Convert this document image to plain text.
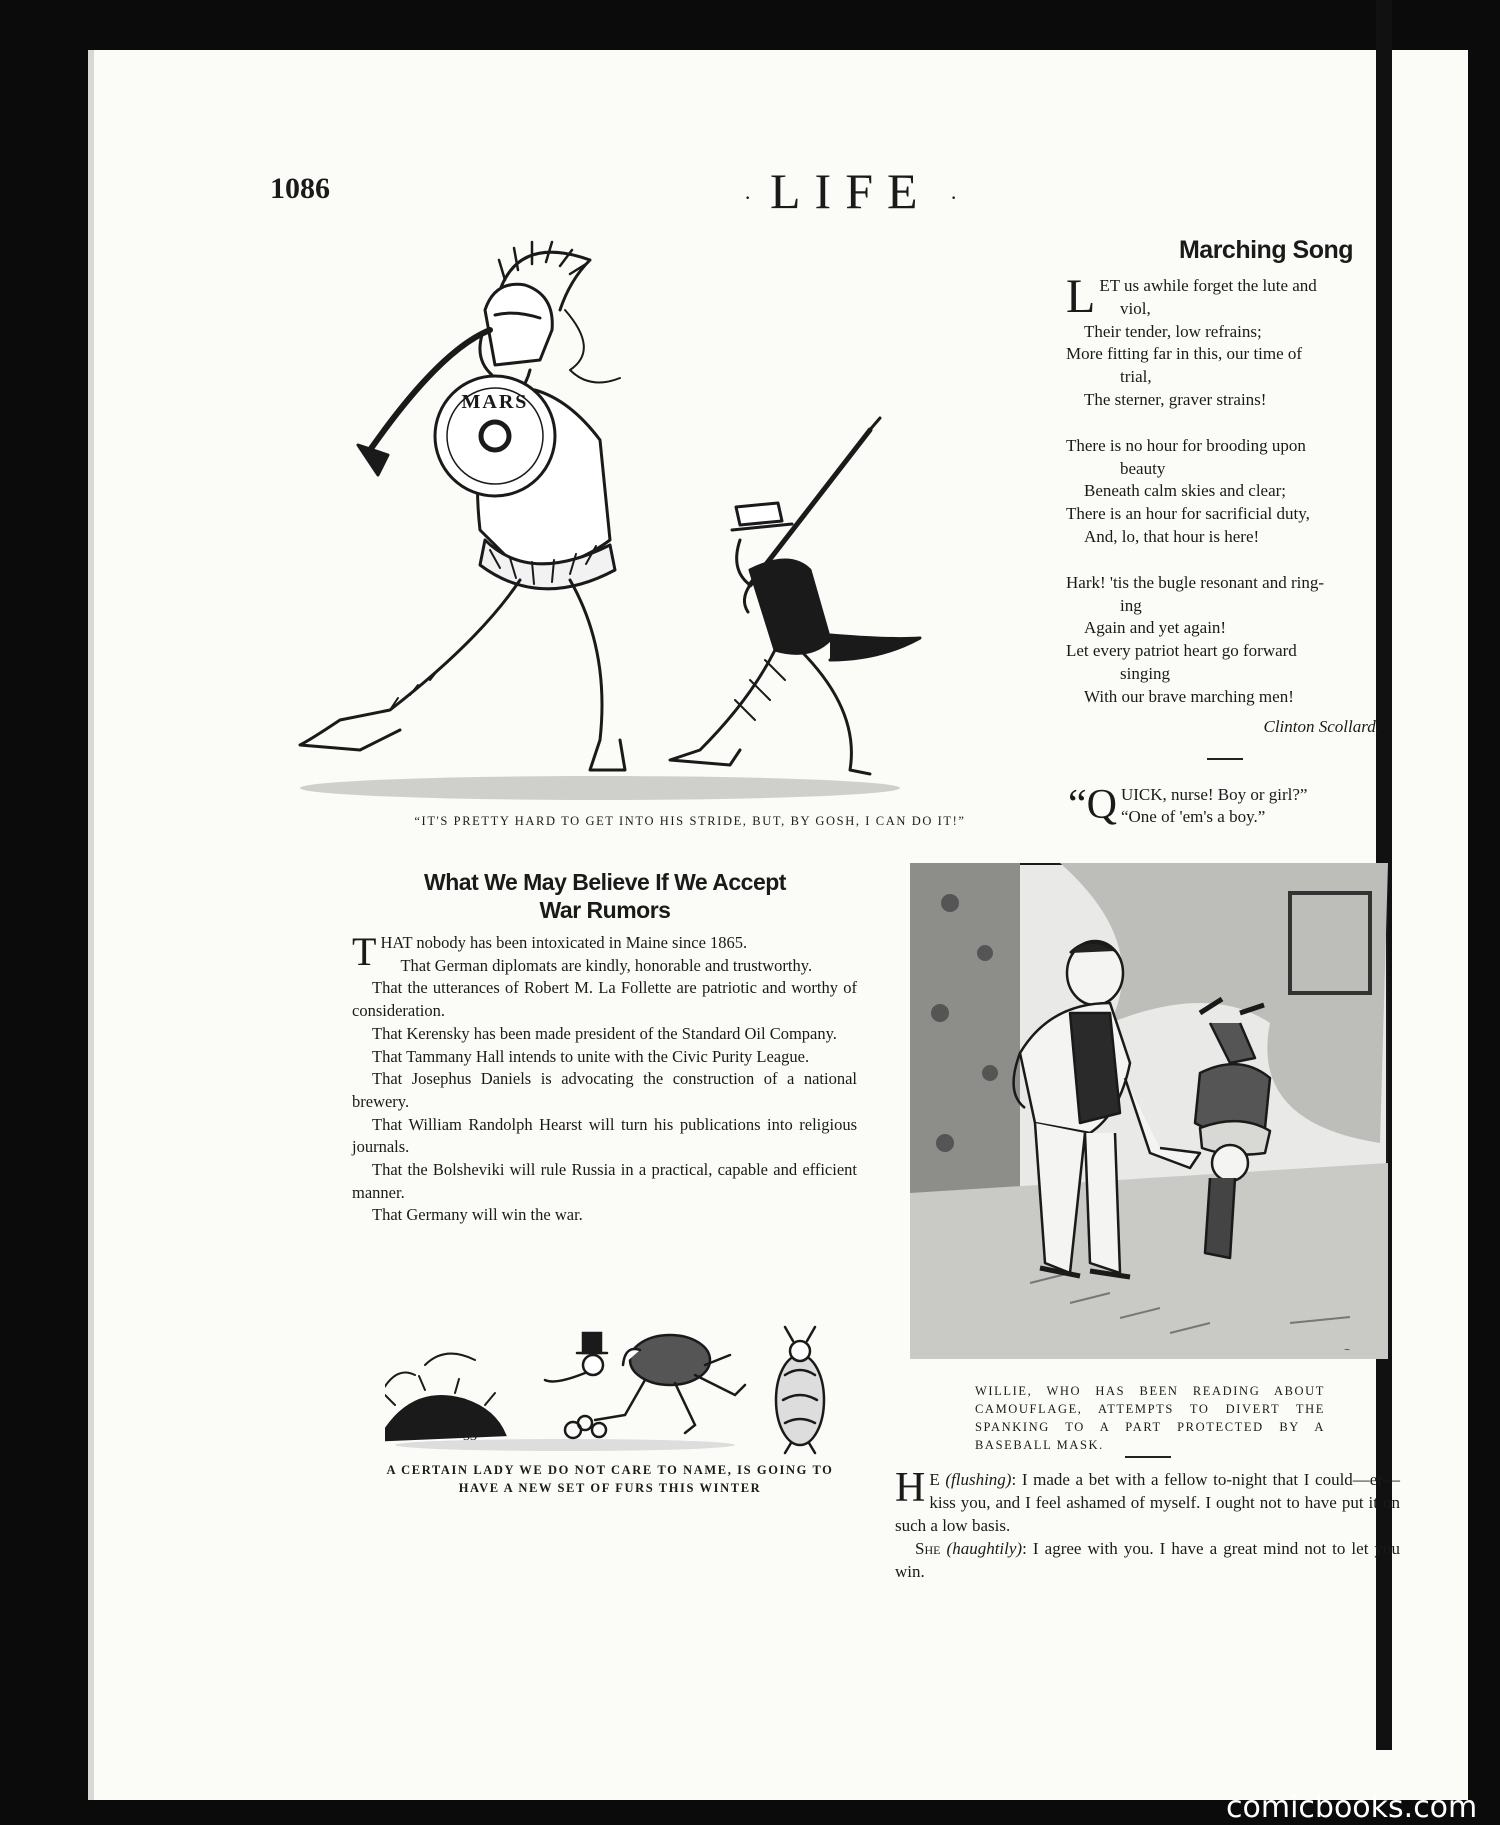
1086	· LIFE ·
MARS
“IT'S PRETTY HARD TO GET INTO HIS STRIDE, BUT, BY GOSH, I CAN DO IT!”
Marching Song
L ET us awhile forget the lute and
viol,
Their tender, low refrains;
More fitting far in this, our time of
trial,
The sterner, graver strains!
There is no hour for brooding upon
beauty
Beneath calm skies and clear;
There is an hour for sacrificial duty,
And, lo, that hour is here!
Hark! 'tis the bugle resonant and ring-
ing
Again and yet again!
Let every patriot heart go forward
singing
With our brave marching men!
Clinton Scollard.
“Q UICK, nurse! Boy or girl?”
“One of 'em's a boy.”
What We May Believe If We Accept
War Rumors

THAT nobody has been intoxicated in Maine since 1865.

That German diplomats are kindly, honorable and trustworthy.

That the utterances of Robert M. La Follette are patriotic and worthy of consideration.

That Kerensky has been made president of the Standard Oil Company.

That Tammany Hall intends to unite with the Civic Purity League.

That Josephus Daniels is advocating the construction of a national brewery.

That William Randolph Hearst will turn his publications into religious journals.

That the Bolsheviki will rule Russia in a practical, capable and efficient manner.

That Germany will win the war.

~
WILLIE, WHO HAS BEEN READING ABOUT CAMOUFLAGE, ATTEMPTS TO DIVERT THE SPANKING TO A PART PROTECTED BY A BASEBALL MASK.

H E (flushing): I made a bet with a fellow to-night that I could—er—kiss you, and I feel ashamed of myself. I ought not to have put it on such a low basis.

She (haughtily): I agree with you. I have a great mind not to let you win.

33
A CERTAIN LADY WE DO NOT CARE TO NAME, IS GOING TO
HAVE A NEW SET OF FURS THIS WINTER
comicbooks.com
